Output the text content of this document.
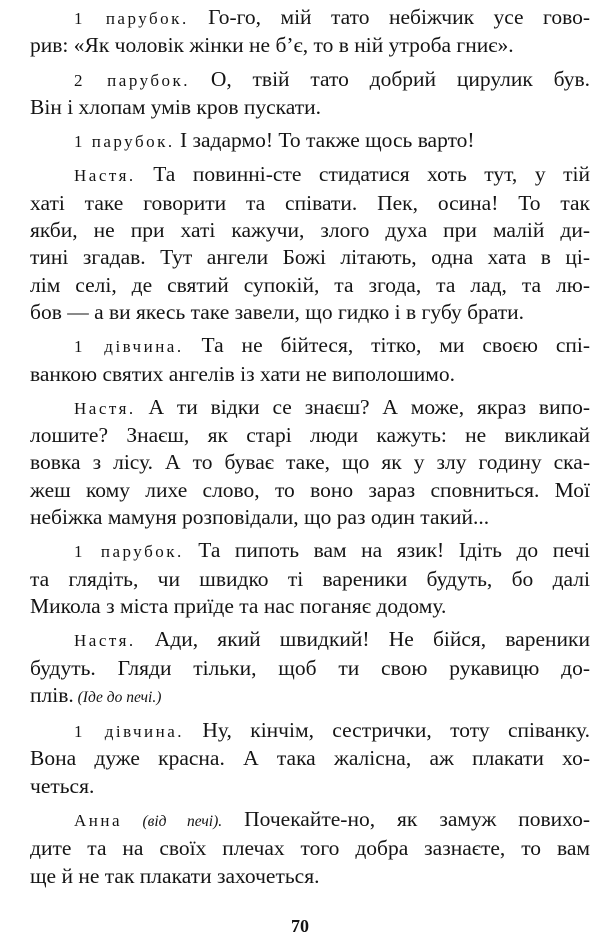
1 парубок. Го-го, мій тато небіжчик усе гово-
рив: «Як чоловік жінки не б’є, то в ній утроба гниє».
2 парубок. О, твій тато добрий цирулик був.
Він і хлопам умів кров пускати.
1 парубок. І задармо! То также щось варто!
Настя. Та повинні-сте стидатися хоть тут, у тій
хаті таке говорити та співати. Пек, осина! То так
якби, не при хаті кажучи, злого духа при малій ди-
тині згадав. Тут ангели Божі літають, одна хата в ці-
лім селі, де святий супокій, та згода, та лад, та лю-
бов — а ви якесь таке завели, що гидко і в губу брати.
1 дівчина. Та не бійтеся, тітко, ми своєю спі-
ванкою святих ангелів із хати не виполошимо.
Настя. А ти відки се знаєш? А може, якраз випо-
лошите? Знаєш, як старі люди кажуть: не викликай
вовка з лісу. А то буває таке, що як у злу годину ска-
жеш кому лихе слово, то воно зараз сповниться. Мої
небіжка мамуня розповідали, що раз один такий...
1 парубок. Та пипоть вам на язик! Ідіть до печі
та глядіть, чи швидко ті вареники будуть, бо далі
Микола з міста приїде та нас поганяє додому.
Настя. Ади, який швидкий! Не бійся, вареники
будуть. Гляди тільки, щоб ти свою рукавицю до-
плів. (Іде до печі.)
1 дівчина. Ну, кінчім, сестрички, тоту співанку.
Вона дуже красна. А така жалісна, аж плакати хо-
четься.
Анна (від печі). Почекайте-но, як замуж повихо-
дите та на своїх плечах того добра зазнаєте, то вам
ще й не так плакати захочеться.
70
